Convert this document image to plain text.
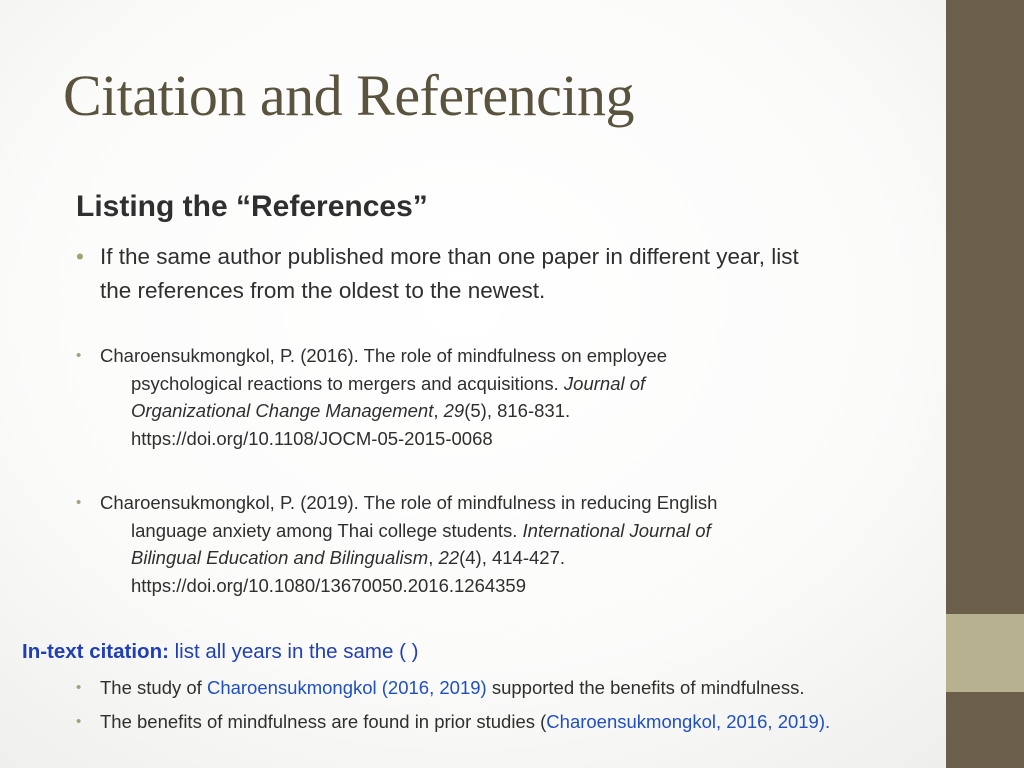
Citation and Referencing
Listing the “References”
• If the same author published more than one paper in different year, list
the references from the oldest to the newest.
•	Charoensukmongkol, P. (2016). The role of mindfulness on employee
psychological reactions to mergers and acquisitions. Journal of
Organizational Change Management, 29(5), 816-831.
https://doi.org/10.1108/JOCM-05-2015-0068
•	Charoensukmongkol, P. (2019). The role of mindfulness in reducing English
language anxiety among Thai college students. International Journal of
Bilingual Education and Bilingualism, 22(4), 414-427.
https://doi.org/10.1080/13670050.2016.1264359
In-text citation: list all years in the same ( )
• The study of Charoensukmongkol (2016, 2019) supported the benefits of mindfulness.
• The benefits of mindfulness are found in prior studies (Charoensukmongkol, 2016, 2019).
